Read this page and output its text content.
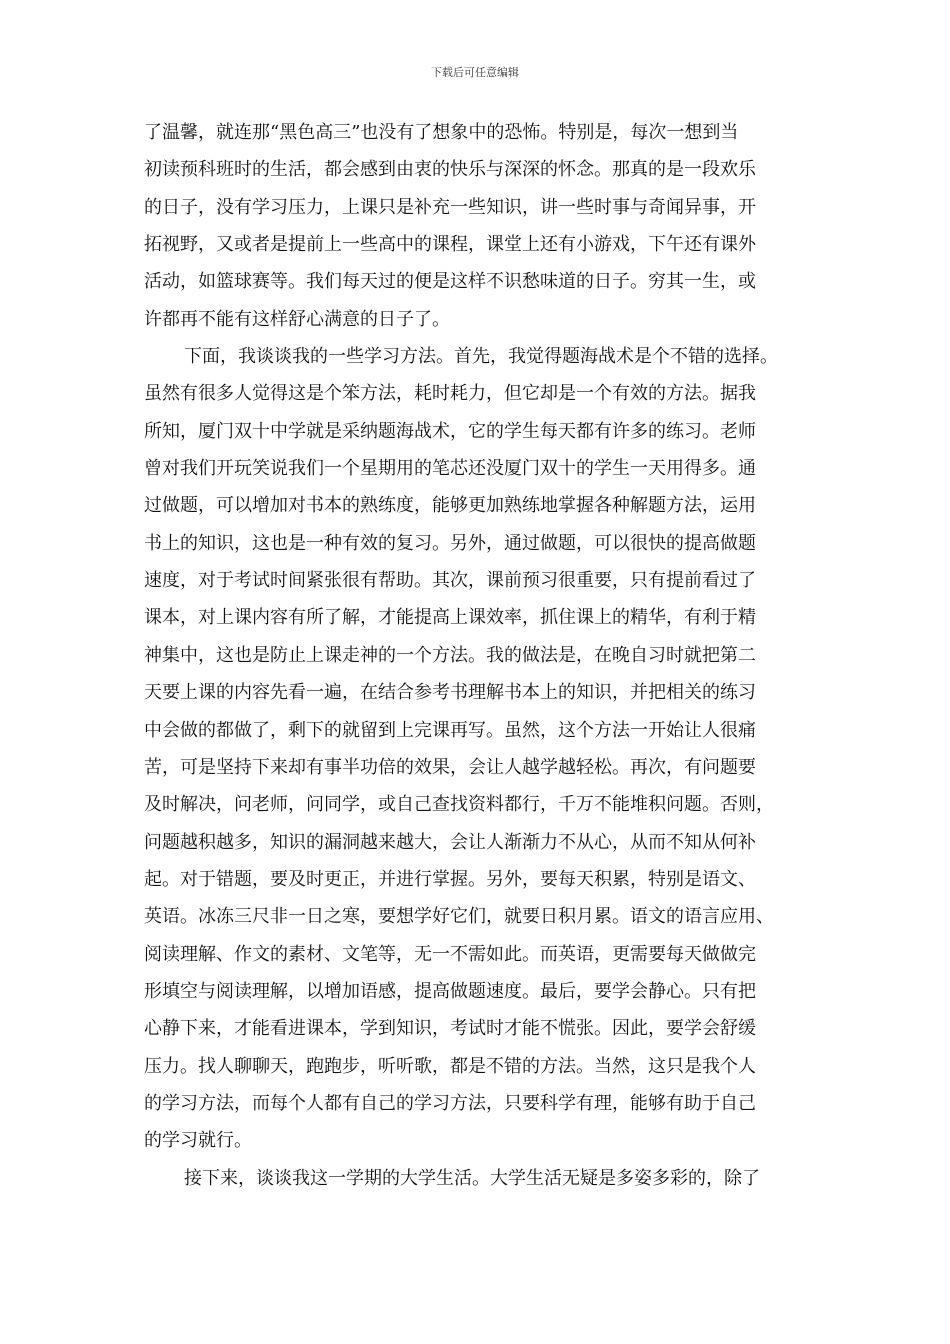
下载后可任意编辑
了温馨，就连那“黑色高三”也没有了想象中的恐怖。特别是，每次一想到当
初读预科班时的生活，都会感到由衷的快乐与深深的怀念。那真的是一段欢乐
的日子，没有学习压力，上课只是补充一些知识，讲一些时事与奇闻异事，开
拓视野，又或者是提前上一些高中的课程，课堂上还有小游戏，下午还有课外
活动，如篮球赛等。我们每天过的便是这样不识愁味道的日子。穷其一生，或
许都再不能有这样舒心满意的日子了。
下面，我谈谈我的一些学习方法。首先，我觉得题海战术是个不错的选择。
虽然有很多人觉得这是个笨方法，耗时耗力，但它却是一个有效的方法。据我
所知，厦门双十中学就是采纳题海战术，它的学生每天都有许多的练习。老师
曾对我们开玩笑说我们一个星期用的笔芯还没厦门双十的学生一天用得多。通
过做题，可以增加对书本的熟练度，能够更加熟练地掌握各种解题方法，运用
书上的知识，这也是一种有效的复习。另外，通过做题，可以很快的提高做题
速度，对于考试时间紧张很有帮助。其次，课前预习很重要，只有提前看过了
课本，对上课内容有所了解，才能提高上课效率，抓住课上的精华，有利于精
神集中，这也是防止上课走神的一个方法。我的做法是，在晚自习时就把第二
天要上课的内容先看一遍，在结合参考书理解书本上的知识，并把相关的练习
中会做的都做了，剩下的就留到上完课再写。虽然，这个方法一开始让人很痛
苦，可是坚持下来却有事半功倍的效果，会让人越学越轻松。再次，有问题要
及时解决，问老师，问同学，或自己查找资料都行，千万不能堆积问题。否则，
问题越积越多，知识的漏洞越来越大，会让人渐渐力不从心，从而不知从何补
起。对于错题，要及时更正，并进行掌握。另外，要每天积累，特别是语文、
英语。冰冻三尺非一日之寒，要想学好它们，就要日积月累。语文的语言应用、
阅读理解、作文的素材、文笔等，无一不需如此。而英语，更需要每天做做完
形填空与阅读理解，以增加语感，提高做题速度。最后，要学会静心。只有把
心静下来，才能看进课本，学到知识，考试时才能不慌张。因此，要学会舒缓
压力。找人聊聊天，跑跑步，听听歌，都是不错的方法。当然，这只是我个人
的学习方法，而每个人都有自己的学习方法，只要科学有理，能够有助于自己
的学习就行。
接下来，谈谈我这一学期的大学生活。大学生活无疑是多姿多彩的，除了
